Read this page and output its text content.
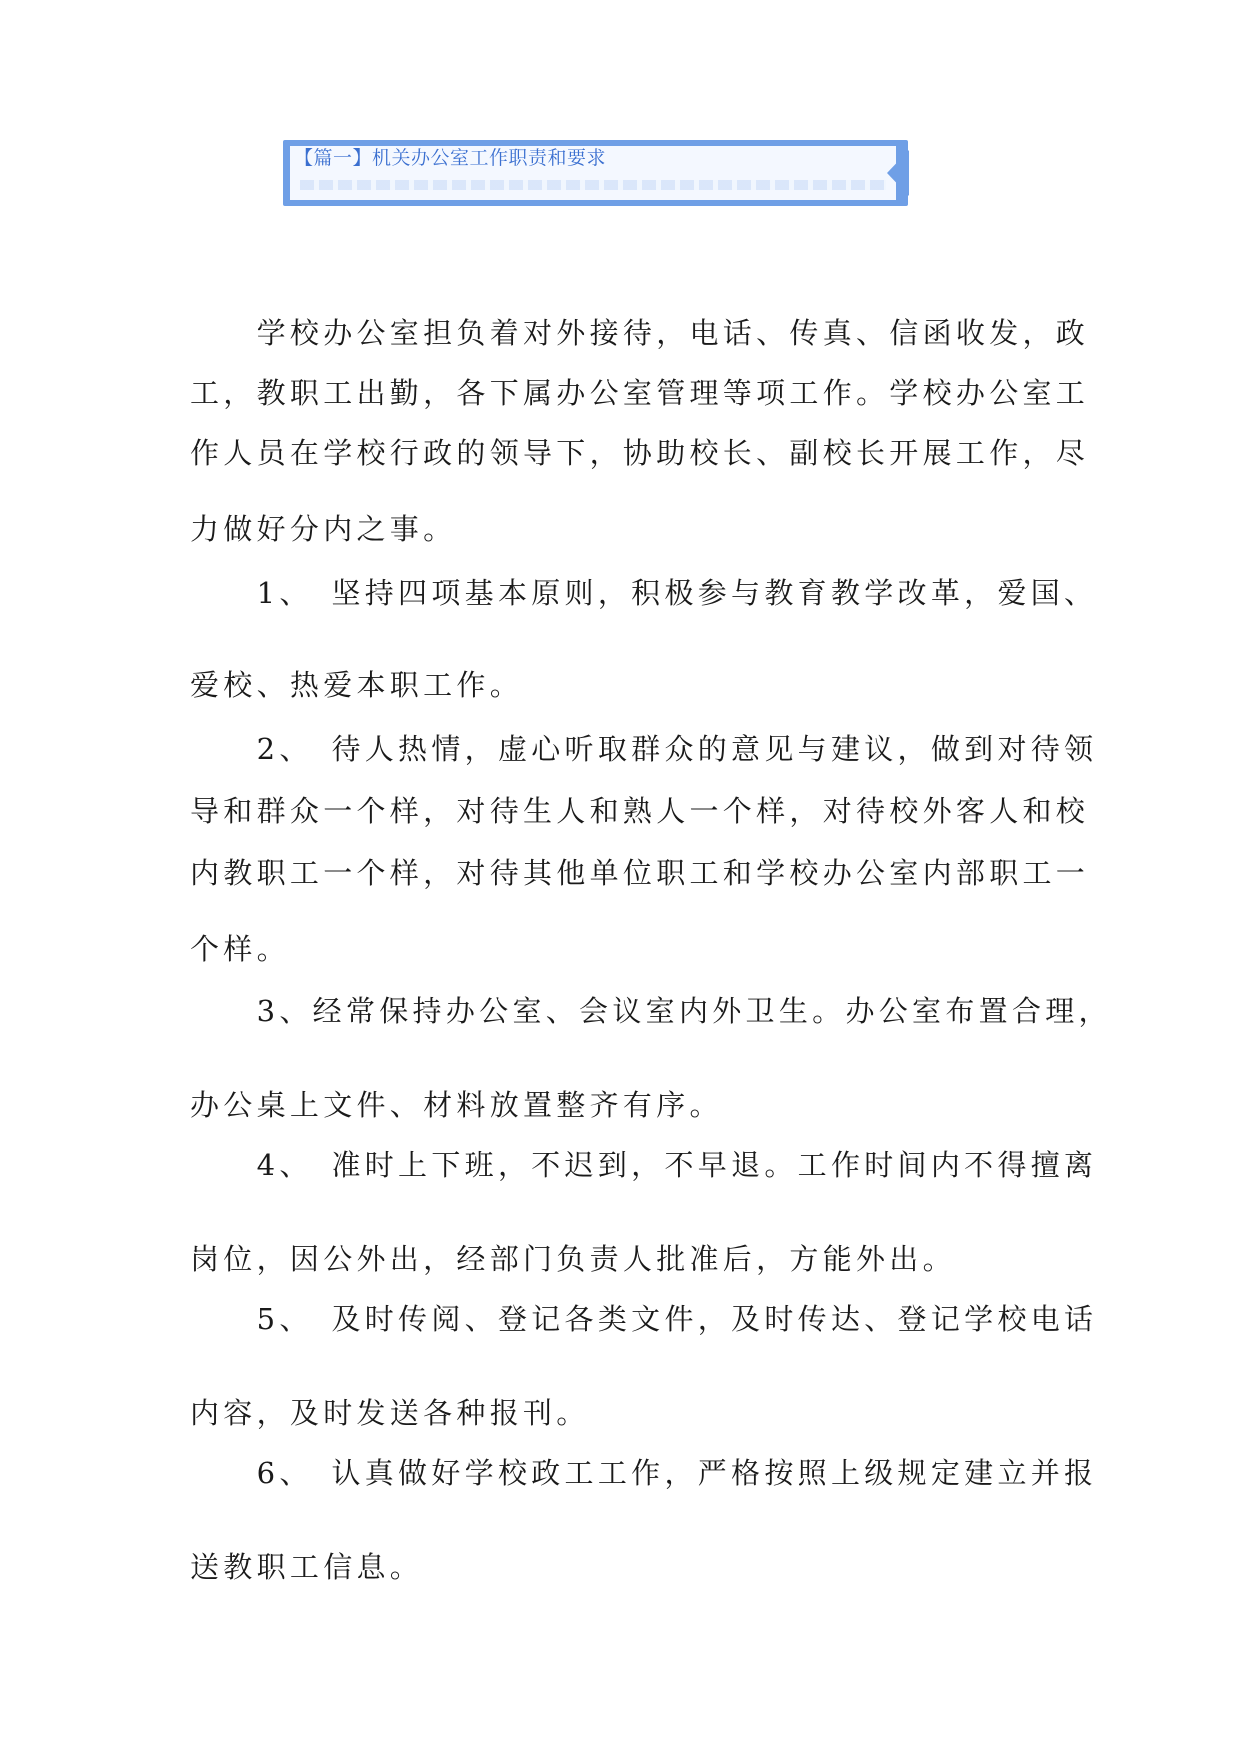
【篇一】机关办公室工作职责和要求
　　学校办公室担负着对外接待，电话、传真、信函收发，政
工，教职工出勤，各下属办公室管理等项工作。学校办公室工
作人员在学校行政的领导下，协助校长、副校长开展工作，尽
力做好分内之事。
　　1、　坚持四项基本原则，积极参与教育教学改革，爱国、
爱校、热爱本职工作。
　　2、　待人热情，虚心听取群众的意见与建议，做到对待领
导和群众一个样，对待生人和熟人一个样，对待校外客人和校
内教职工一个样，对待其他单位职工和学校办公室内部职工一
个样。
　　3、经常保持办公室、会议室内外卫生。办公室布置合理，
办公桌上文件、材料放置整齐有序。
　　4、　准时上下班，不迟到，不早退。工作时间内不得擅离
岗位，因公外出，经部门负责人批准后，方能外出。
　　5、　及时传阅、登记各类文件，及时传达、登记学校电话
内容，及时发送各种报刊。
　　6、　认真做好学校政工工作，严格按照上级规定建立并报
送教职工信息。
